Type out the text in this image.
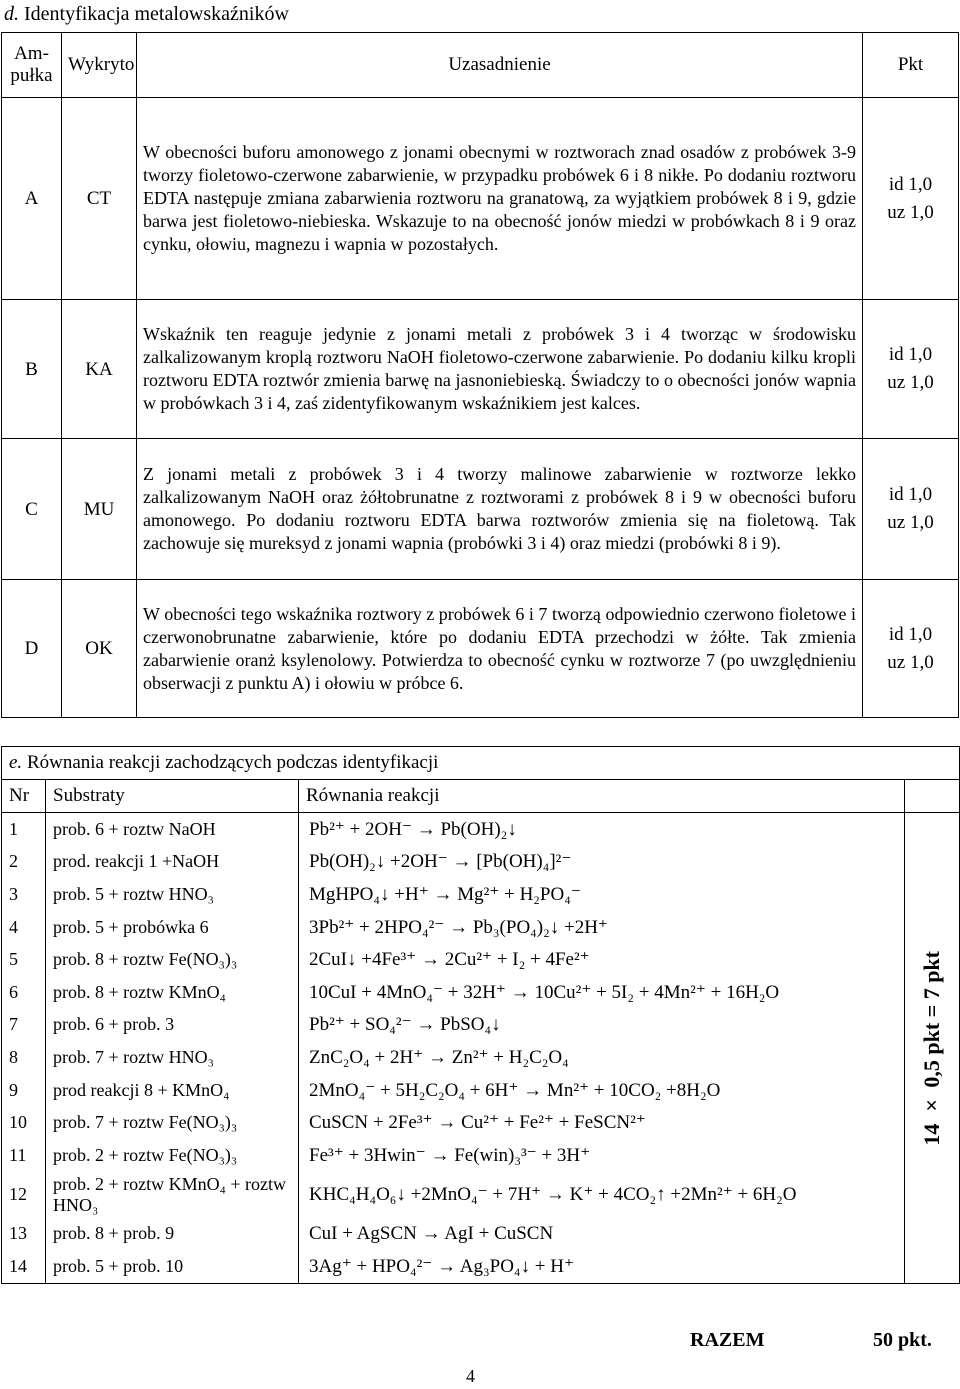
d. Identyfikacja metalowskaźników
Am-pułka	Wykryto	Uzasadnienie	Pkt
A	CT	W obecności buforu amonowego z jonami obecnymi w roztworach znad osadów z probówek 3-9 tworzy fioletowo-czerwone zabarwienie, w przypadku probówek 6 i 8 nikłe. Po dodaniu roztworu EDTA następuje zmiana zabarwienia roztworu na granatową, za wyjątkiem probówek 8 i 9, gdzie barwa jest fioletowo-niebieska. Wskazuje to na obecność jonów miedzi w probówkach 8 i 9 oraz cynku, ołowiu, magnezu i wapnia w pozostałych.	id 1,0
uz 1,0
B	KA	Wskaźnik ten reaguje jedynie z jonami metali z probówek 3 i 4 tworząc w środowisku zalkalizowanym kroplą roztworu NaOH fioletowo-czerwone zabarwienie. Po dodaniu kilku kropli roztworu EDTA roztwór zmienia barwę na jasnoniebieską. Świadczy to o obecności jonów wapnia w probówkach 3 i 4, zaś zidentyfikowanym wskaźnikiem jest kalces.	id 1,0
uz 1,0
C	MU	Z jonami metali z probówek 3 i 4 tworzy malinowe zabarwienie w roztworze lekko zalkalizowanym NaOH oraz żółtobrunatne z roztworami z probówek 8 i 9 w obecności buforu amonowego. Po dodaniu roztworu EDTA barwa roztworów zmienia się na fioletową. Tak zachowuje się mureksyd z jonami wapnia (probówki 3 i 4) oraz miedzi (probówki 8 i 9).	id 1,0
uz 1,0
D	OK	W obecności tego wskaźnika roztwory z probówek 6 i 7 tworzą odpowiednio czerwono fioletowe i czerwonobrunatne zabarwienie, które po dodaniu EDTA przechodzi w żółte. Tak zmienia zabarwienie oranż ksylenolowy. Potwierdza to obecność cynku w roztworze 7 (po uwzględnieniu obserwacji z punktu A) i ołowiu w próbce 6.	id 1,0
uz 1,0
e. Równania reakcji zachodzących podczas identyfikacji			
Nr	Substraty	Równania reakcji	
1	prob. 6 + roztw NaOH	Pb²⁺ + 2OH⁻ → Pb(OH)₂↓	14 × 0,5 pkt = 7 pkt

2	prod. reakcji 1 +NaOH	Pb(OH)₂↓ +2OH⁻ → [Pb(OH)₄]²⁻	
3	prob. 5 + roztw HNO₃	MgHPO₄↓ +H⁺ → Mg²⁺ + H₂PO₄⁻	
4	prob. 5 + probówka 6	3Pb²⁺ + 2HPO₄²⁻ → Pb₃(PO₄)₂↓ +2H⁺	
5	prob. 8 + roztw Fe(NO₃)₃	2CuI↓ +4Fe³⁺ → 2Cu²⁺ + I₂ + 4Fe²⁺	
6	prob. 8 + roztw KMnO₄	10CuI + 4MnO₄⁻ + 32H⁺ → 10Cu²⁺ + 5I₂ + 4Mn²⁺ + 16H₂O	
7	prob. 6 + prob. 3	Pb²⁺ + SO₄²⁻ → PbSO₄↓	
8	prob. 7 + roztw HNO₃	ZnC₂O₄ + 2H⁺ → Zn²⁺ + H₂C₂O₄	
9	prod reakcji 8 + KMnO₄	2MnO₄⁻ + 5H₂C₂O₄ + 6H⁺ → Mn²⁺ + 10CO₂ +8H₂O	
10	prob. 7 + roztw Fe(NO₃)₃	CuSCN + 2Fe³⁺ → Cu²⁺ + Fe²⁺ + FeSCN²⁺	
11	prob. 2 + roztw Fe(NO₃)₃	Fe³⁺ + 3Hwin⁻ → Fe(win)₃³⁻ + 3H⁺	
12	prob. 2 + roztw KMnO₄ + roztw HNO₃	KHC₄H₄O₆↓ +2MnO₄⁻ + 7H⁺ → K⁺ + 4CO₂↑ +2Mn²⁺ + 6H₂O	
13	prob. 8 + prob. 9	CuI + AgSCN → AgI + CuSCN	
14	prob. 5 + prob. 10	3Ag⁺ + HPO₄²⁻ → Ag₃PO₄↓ + H⁺	
RAZEM	50 pkt.
4
